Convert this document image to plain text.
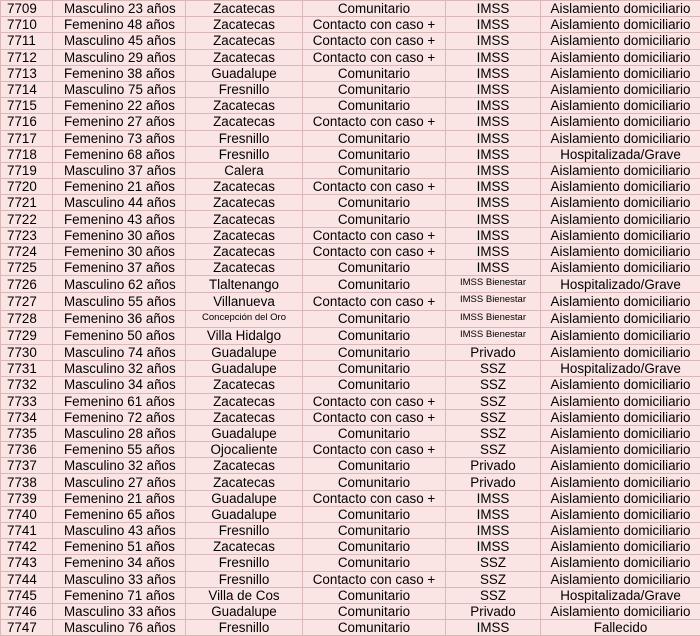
7709	Masculino 23 años	Zacatecas	Comunitario	IMSS	Aislamiento domiciliario
7710	Femenino 48 años	Zacatecas	Contacto con caso +	IMSS	Aislamiento domiciliario
7711	Masculino 45 años	Zacatecas	Contacto con caso +	IMSS	Aislamiento domiciliario
7712	Masculino 29 años	Zacatecas	Contacto con caso +	IMSS	Aislamiento domiciliario
7713	Femenino 38 años	Guadalupe	Comunitario	IMSS	Aislamiento domiciliario
7714	Masculino 75 años	Fresnillo	Comunitario	IMSS	Aislamiento domiciliario
7715	Femenino 22 años	Zacatecas	Comunitario	IMSS	Aislamiento domiciliario
7716	Femenino 27 años	Zacatecas	Contacto con caso +	IMSS	Aislamiento domiciliario
7717	Femenino 73 años	Fresnillo	Comunitario	IMSS	Aislamiento domiciliario
7718	Femenino 68 años	Fresnillo	Comunitario	IMSS	Hospitalizada/Grave
7719	Masculino 37 años	Calera	Comunitario	IMSS	Aislamiento domiciliario
7720	Femenino 21 años	Zacatecas	Contacto con caso +	IMSS	Aislamiento domiciliario
7721	Masculino 44 años	Zacatecas	Comunitario	IMSS	Aislamiento domiciliario
7722	Femenino 43 años	Zacatecas	Comunitario	IMSS	Aislamiento domiciliario
7723	Femenino 30 años	Zacatecas	Contacto con caso +	IMSS	Aislamiento domiciliario
7724	Femenino 30 años	Zacatecas	Contacto con caso +	IMSS	Aislamiento domiciliario
7725	Femenino 37 años	Zacatecas	Comunitario	IMSS	Aislamiento domiciliario
7726	Masculino 62 años	Tlaltenango	Comunitario	IMSS Bienestar	Hospitalizado/Grave
7727	Masculino 55 años	Villanueva	Contacto con caso +	IMSS Bienestar	Aislamiento domiciliario
7728	Femenino 36 años	Concepción del Oro	Comunitario	IMSS Bienestar	Aislamiento domiciliario
7729	Femenino 50 años	Villa Hidalgo	Comunitario	IMSS Bienestar	Aislamiento domiciliario
7730	Masculino 74 años	Guadalupe	Comunitario	Privado	Aislamiento domiciliario
7731	Masculino 32 años	Guadalupe	Comunitario	SSZ	Hospitalizado/Grave
7732	Masculino 34 años	Zacatecas	Comunitario	SSZ	Aislamiento domiciliario
7733	Femenino 61 años	Zacatecas	Contacto con caso +	SSZ	Aislamiento domiciliario
7734	Femenino 72 años	Zacatecas	Contacto con caso +	SSZ	Aislamiento domiciliario
7735	Masculino 28 años	Guadalupe	Comunitario	SSZ	Aislamiento domiciliario
7736	Femenino 55 años	Ojocaliente	Contacto con caso +	SSZ	Aislamiento domiciliario
7737	Masculino 32 años	Zacatecas	Comunitario	Privado	Aislamiento domiciliario
7738	Masculino 27 años	Zacatecas	Comunitario	Privado	Aislamiento domiciliario
7739	Femenino 21 años	Guadalupe	Contacto con caso +	IMSS	Aislamiento domiciliario
7740	Femenino 65 años	Guadalupe	Comunitario	IMSS	Aislamiento domiciliario
7741	Masculino 43 años	Fresnillo	Comunitario	IMSS	Aislamiento domiciliario
7742	Femenino 51 años	Zacatecas	Comunitario	IMSS	Aislamiento domiciliario
7743	Femenino 34 años	Fresnillo	Comunitario	SSZ	Aislamiento domiciliario
7744	Masculino 33 años	Fresnillo	Contacto con caso +	SSZ	Aislamiento domiciliario
7745	Femenino 71 años	Villa de Cos	Comunitario	SSZ	Hospitalizada/Grave
7746	Masculino 33 años	Guadalupe	Comunitario	Privado	Aislamiento domiciliario
7747	Masculino 76 años	Fresnillo	Comunitario	IMSS	Fallecido
